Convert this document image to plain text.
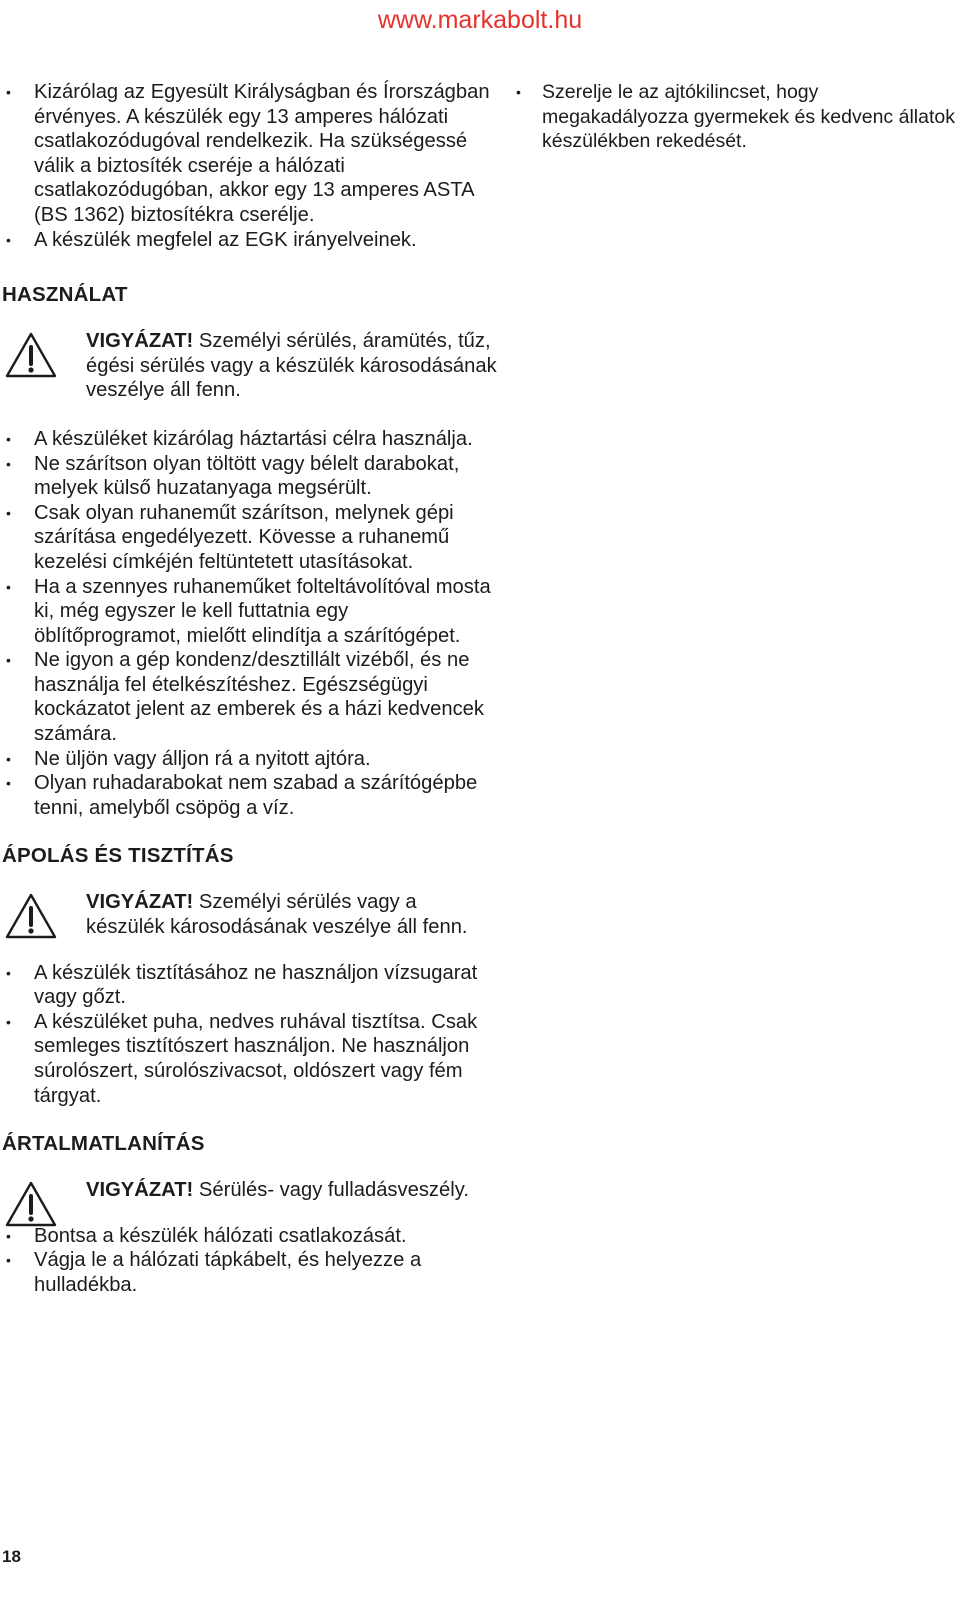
www.markabolt.hu
• Kizárólag az Egyesült Királyságban és Írországban érvényes. A készülék egy 13 amperes hálózati csatlakozódugóval rendelkezik. Ha szükségessé válik a biztosíték cseréje a hálózati csatlakozódugóban, akkor egy 13 amperes ASTA (BS 1362) biztosítékra cserélje.
• A készülék megfelel az EGK irányelveinek.
HASZNÁLAT
VIGYÁZAT! Személyi sérülés, áramütés, tűz, égési sérülés vagy a készülék károsodásának veszélye áll fenn.
• A készüléket kizárólag háztartási célra használja.
• Ne szárítson olyan töltött vagy bélelt darabokat, melyek külső huzatanyaga megsérült.
• Csak olyan ruhaneműt szárítson, melynek gépi szárítása engedélyezett. Kövesse a ruhanemű kezelési címkéjén feltüntetett utasításokat.
• Ha a szennyes ruhaneműket folteltávolítóval mosta ki, még egyszer le kell futtatnia egy öblítőprogramot, mielőtt elindítja a szárítógépet.
• Ne igyon a gép kondenz/desztillált vizéből, és ne használja fel ételkészítéshez. Egészségügyi kockázatot jelent az emberek és a házi kedvencek számára.
• Ne üljön vagy álljon rá a nyitott ajtóra.
• Olyan ruhadarabokat nem szabad a szárítógépbe tenni, amelyből csöpög a víz.
ÁPOLÁS ÉS TISZTÍTÁS
VIGYÁZAT! Személyi sérülés vagy a készülék károsodásának veszélye áll fenn.
• A készülék tisztításához ne használjon vízsugarat vagy gőzt.
• A készüléket puha, nedves ruhával tisztítsa. Csak semleges tisztítószert használjon. Ne használjon súrolószert, súrolószivacsot, oldószert vagy fém tárgyat.
ÁRTALMATLANÍTÁS
VIGYÁZAT! Sérülés- vagy fulladásveszély.
• Bontsa a készülék hálózati csatlakozását.
• Vágja le a hálózati tápkábelt, és helyezze a hulladékba.
• Szerelje le az ajtókilincset, hogy megakadályozza gyermekek és kedvenc állatok készülékben rekedését.
18
